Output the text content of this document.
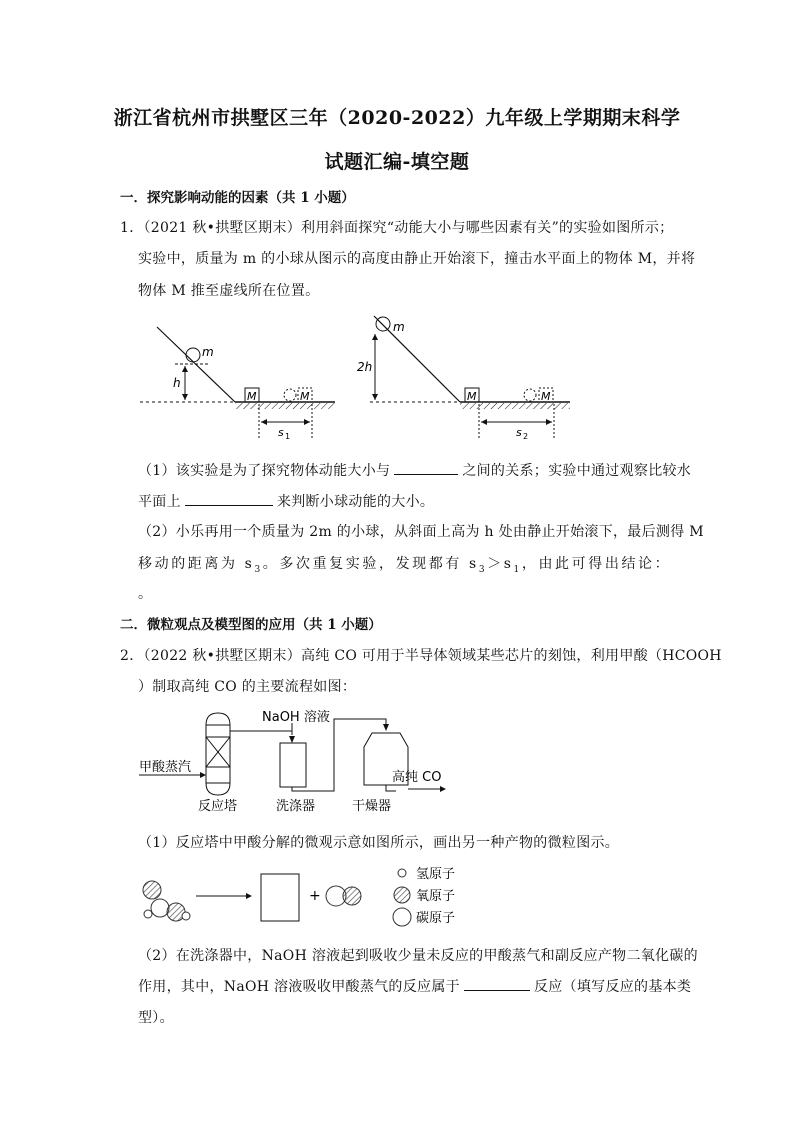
浙江省杭州市拱墅区三年（2020-2022）九年级上学期期末科学
试题汇编-填空题
一．探究影响动能的因素（共 1 小题）
1．（2021 秋•拱墅区期末）利用斜面探究“动能大小与哪些因素有关”的实验如图所示；
实验中，质量为 m 的小球从图示的高度由静止开始滚下，撞击水平面上的物体 M，并将
物体 M 推至虚线所在位置。
m
h
M	M
s 1
m
2h
M	M
s 2
（1）该实验是为了探究物体动能大小与	之间的关系；实验中通过观察比较水
平面上	来判断小球动能的大小。
（2）小乐再用一个质量为 2m 的小球，从斜面上高为 h 处由静止开始滚下，最后测得 M
移动的距离为 $s_3$。多次重复实验，发现都有 $s_3>s_1$，由此可得出结论：
。
二．微粒观点及模型图的应用（共 1 小题）
2．（2022 秋•拱墅区期末）高纯 CO 可用于半导体领域某些芯片的刻蚀，利用甲酸（HCOOH
）制取高纯 CO 的主要流程如图：
甲酸蒸汽
反应塔
NaOH 溶液
洗涤器	干燥器
高纯 CO
（1）反应塔中甲酸分解的微观示意如图所示，画出另一种产物的微粒图示。
+
氢原子
氧原子
碳原子
（2）在洗涤器中，NaOH 溶液起到吸收少量未反应的甲酸蒸气和副反应产物二氧化碳的
作用，其中，NaOH 溶液吸收甲酸蒸气的反应属于	反应（填写反应的基本类
型）。
